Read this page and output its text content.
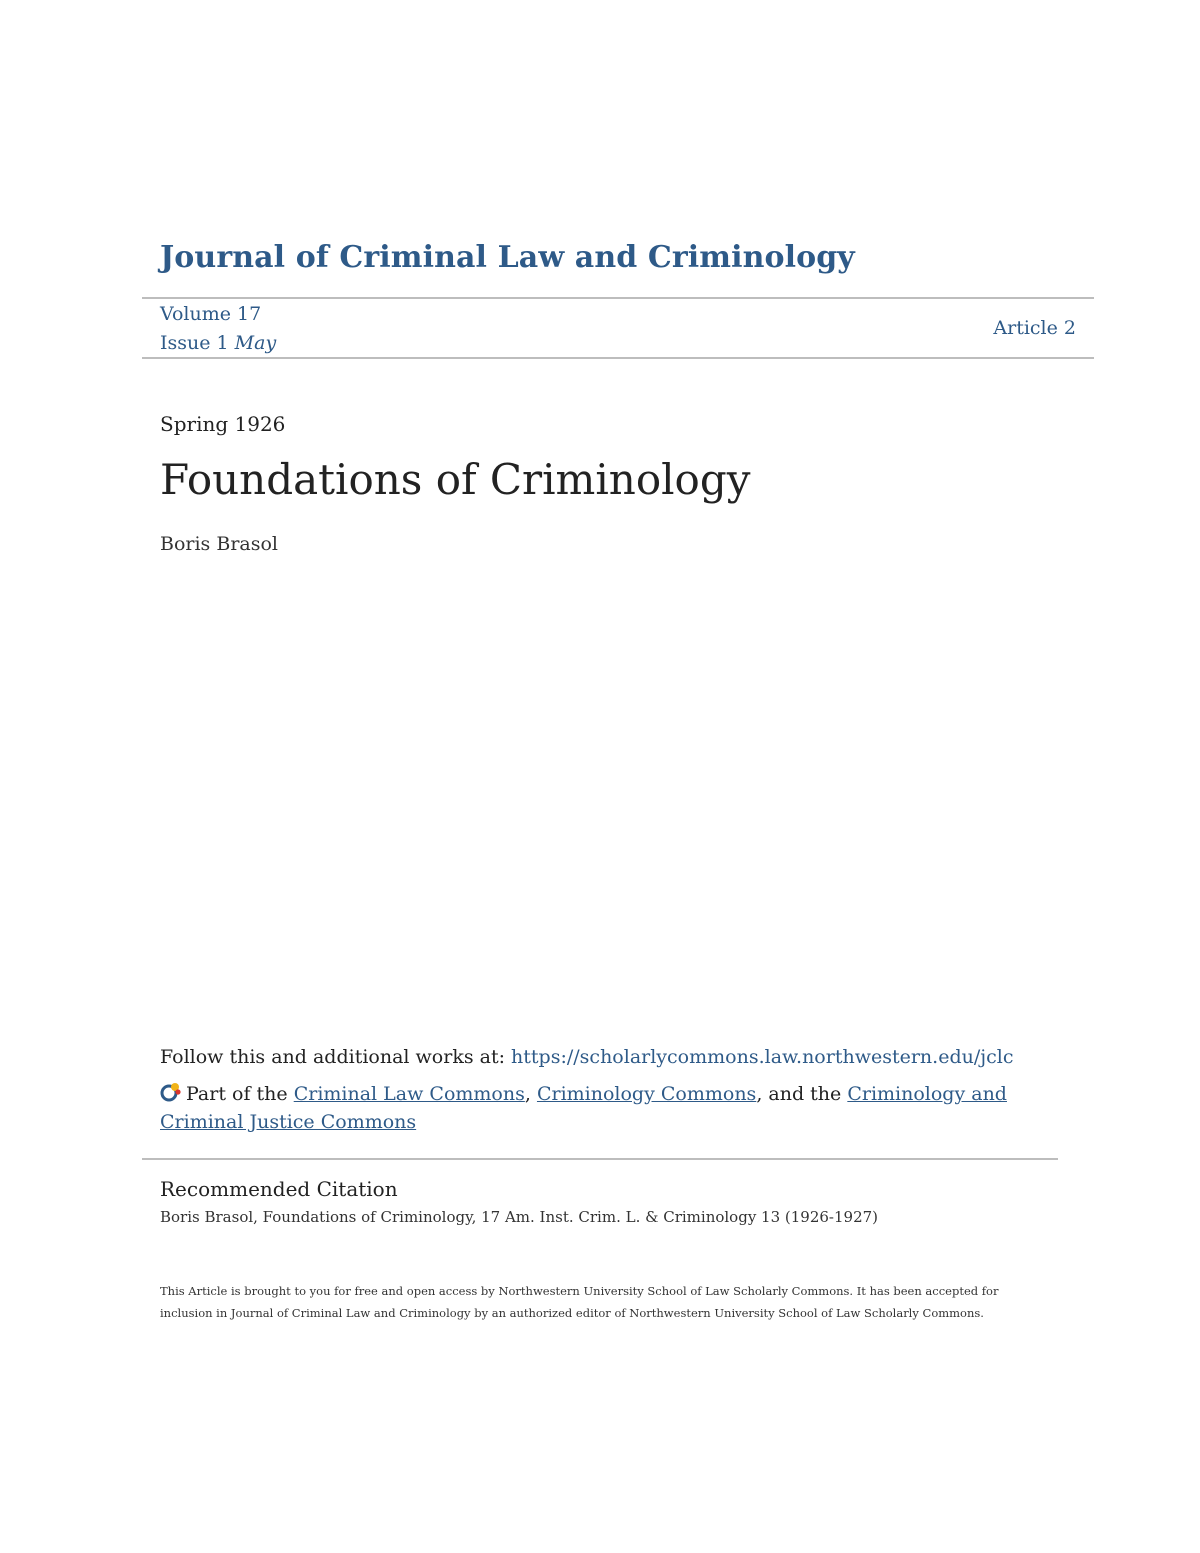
Journal of Criminal Law and Criminology
Volume 17
Issue 1 May
Article 2
Spring 1926
Foundations of Criminology
Boris Brasol
Follow this and additional works at: https://scholarlycommons.law.northwestern.edu/jclc
Part of the Criminal Law Commons, Criminology Commons, and the Criminology and Criminal Justice Commons
Recommended Citation
Boris Brasol, Foundations of Criminology, 17 Am. Inst. Crim. L. & Criminology 13 (1926-1927)
This Article is brought to you for free and open access by Northwestern University School of Law Scholarly Commons. It has been accepted for inclusion in Journal of Criminal Law and Criminology by an authorized editor of Northwestern University School of Law Scholarly Commons.
